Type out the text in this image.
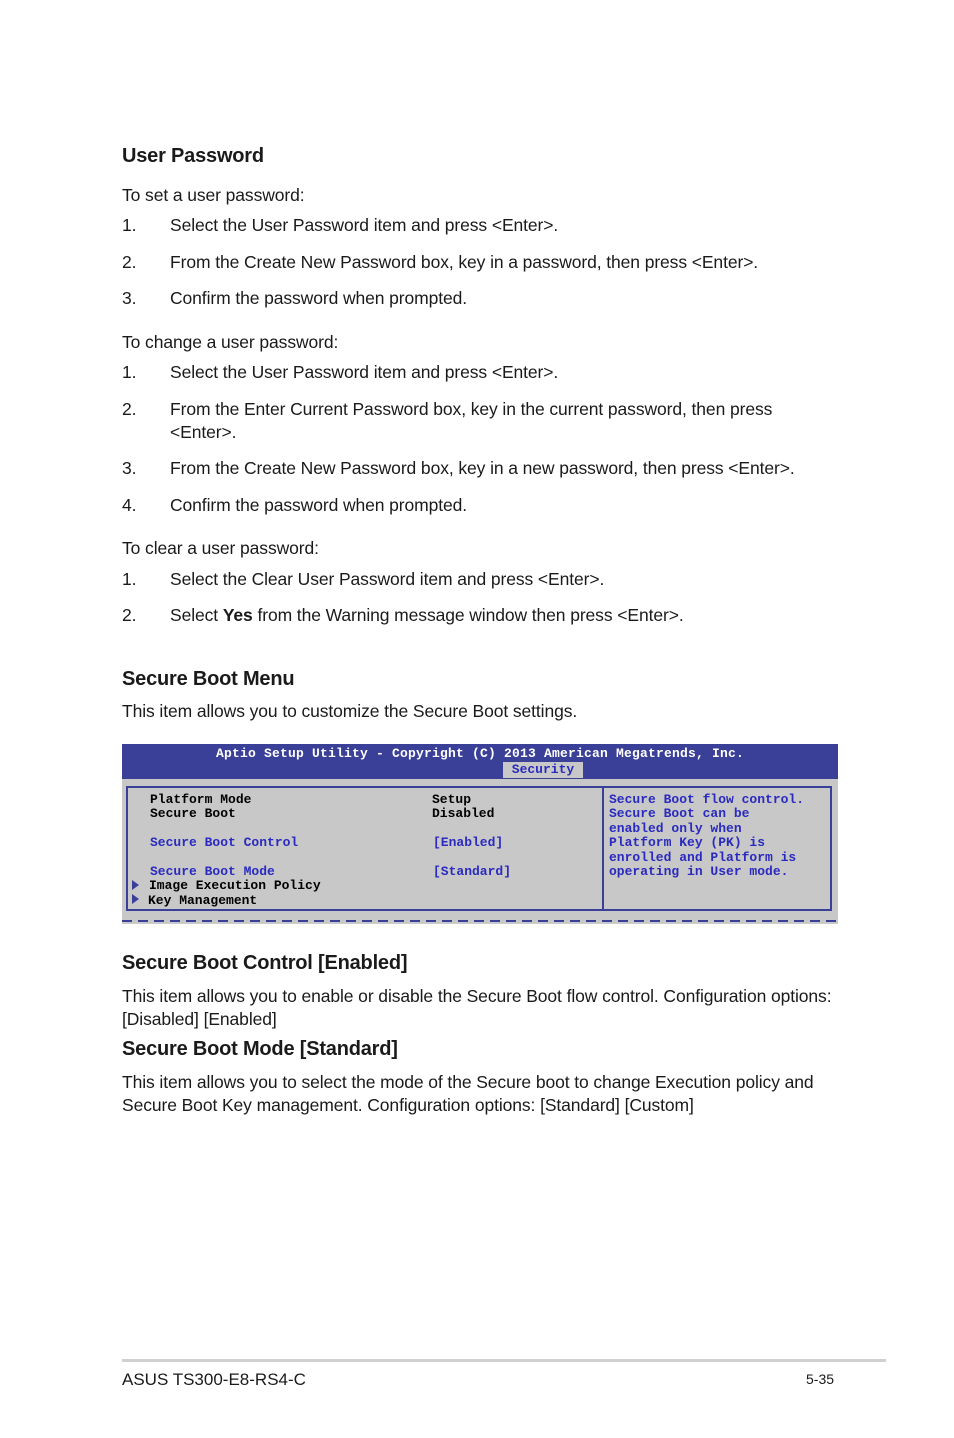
User Password
To set a user password:
1. Select the User Password item and press <Enter>.
2. From the Create New Password box, key in a password, then press <Enter>.
3. Confirm the password when prompted.
To change a user password:
1. Select the User Password item and press <Enter>.
2. From the Enter Current Password box, key in the current password, then press <Enter>.
3. From the Create New Password box, key in a new password, then press <Enter>.
4. Confirm the password when prompted.
To clear a user password:
1. Select the Clear User Password item and press <Enter>.
2. Select Yes from the Warning message window then press <Enter>.
Secure Boot Menu
This item allows you to customize the Secure Boot settings.
Aptio Setup Utility - Copyright (C) 2013 American Megatrends, Inc.
Security
Platform Mode	Setup
Secure Boot	Disabled
Secure Boot Control	[Enabled]
Secure Boot Mode	[Standard]
Image Execution Policy
Key Management
Secure Boot flow control.
Secure Boot can be
enabled only when
Platform Key (PK) is
enrolled and Platform is
operating in User mode.
Secure Boot Control [Enabled]
This item allows you to enable or disable the Secure Boot flow control. Configuration options: [Disabled] [Enabled]
Secure Boot Mode [Standard]
This item allows you to select the mode of the Secure boot to change Execution policy and Secure Boot Key management. Configuration options: [Standard] [Custom]
ASUS TS300-E8-RS4-C	5-35
